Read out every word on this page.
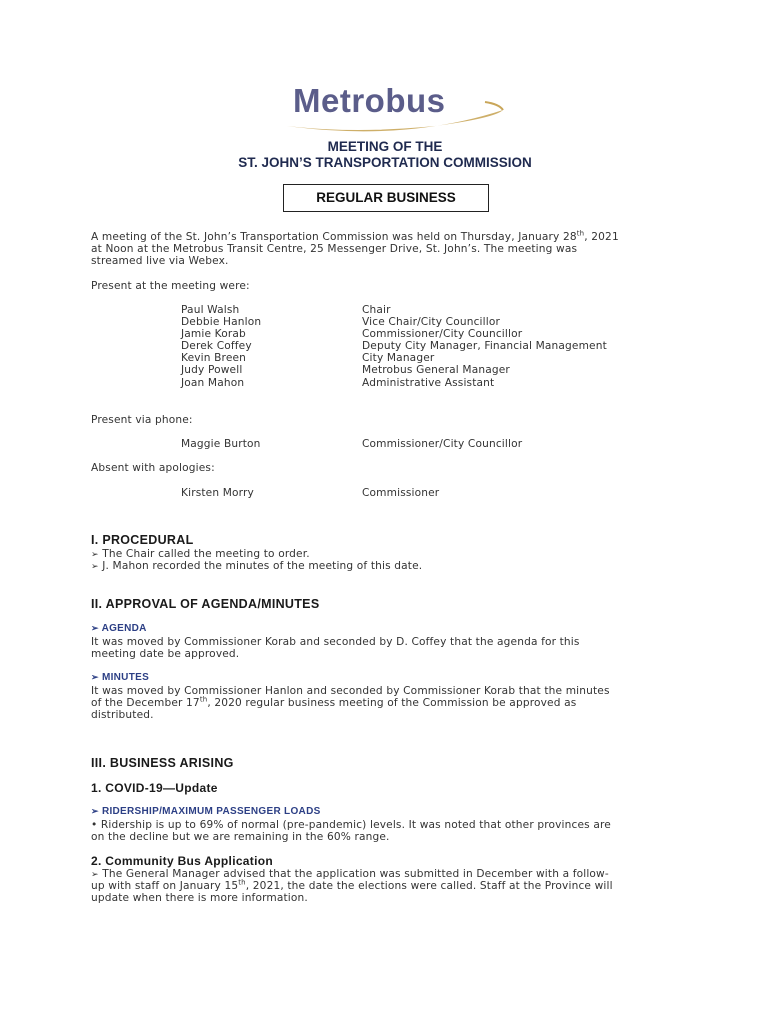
Metrobus
MEETING OF THE
ST. JOHN’S TRANSPORTATION COMMISSION
REGULAR BUSINESS
A meeting of the St. John’s Transportation Commission was held on Thursday, January 28th, 2021
at Noon at the Metrobus Transit Centre, 25 Messenger Drive, St. John’s. The meeting was
streamed live via Webex.
Present at the meeting were:
Paul Walsh	Chair
Debbie Hanlon	Vice Chair/City Councillor
Jamie Korab	Commissioner/City Councillor
Derek Coffey	Deputy City Manager, Financial Management
Kevin Breen	City Manager
Judy Powell	Metrobus General Manager
Joan Mahon	Administrative Assistant
Present via phone:
Maggie Burton	Commissioner/City Councillor
Absent with apologies:
Kirsten Morry	Commissioner
I. PROCEDURAL
➢ The Chair called the meeting to order.
➢ J. Mahon recorded the minutes of the meeting of this date.
II. APPROVAL OF AGENDA/MINUTES
➢ AGENDA
It was moved by Commissioner Korab and seconded by D. Coffey that the agenda for this
meeting date be approved.
➢ MINUTES
It was moved by Commissioner Hanlon and seconded by Commissioner Korab that the minutes
of the December 17th, 2020 regular business meeting of the Commission be approved as
distributed.
III. BUSINESS ARISING
1. COVID-19—Update
➢ RIDERSHIP/MAXIMUM PASSENGER LOADS
• Ridership is up to 69% of normal (pre-pandemic) levels. It was noted that other provinces are
on the decline but we are remaining in the 60% range.
2. Community Bus Application
➢ The General Manager advised that the application was submitted in December with a follow-
up with staff on January 15th, 2021, the date the elections were called. Staff at the Province will
update when there is more information.
